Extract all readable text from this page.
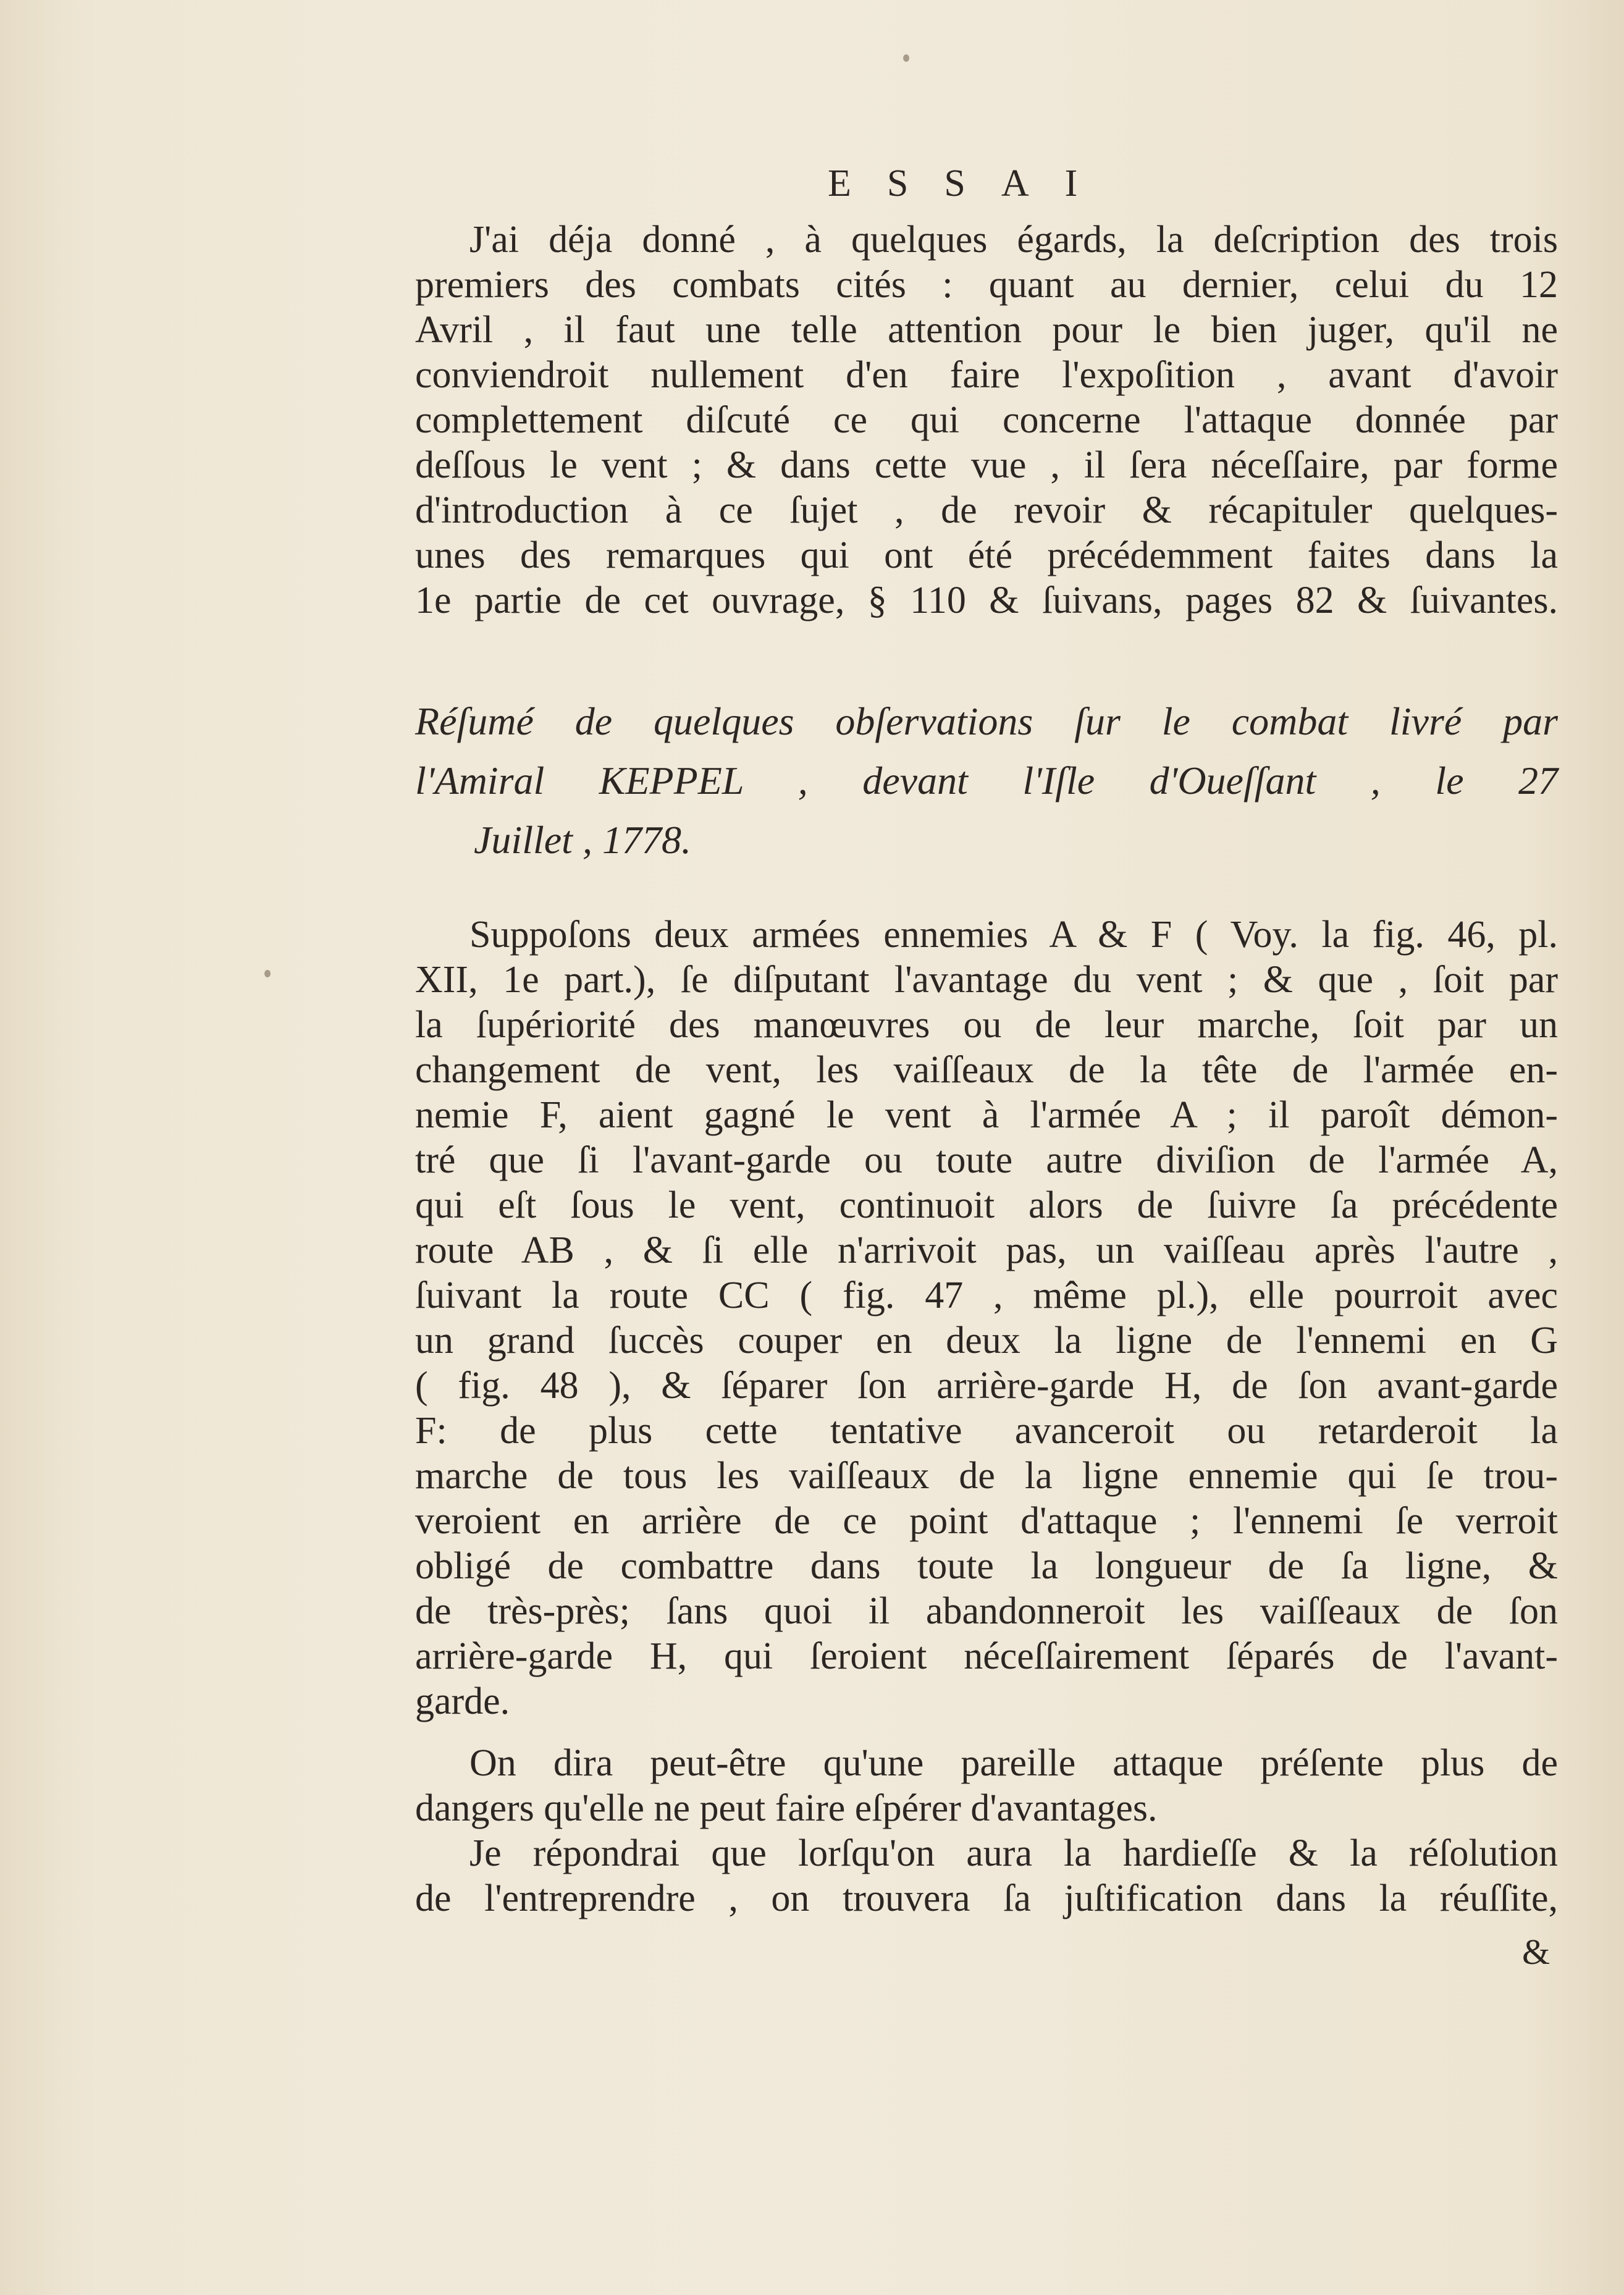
ESSAI
J'ai déja donné , à quelques égards, la deſcription des trois
premiers des combats cités : quant au dernier, celui du 12
Avril , il faut une telle attention pour le bien juger, qu'il ne
conviendroit nullement d'en faire l'expoſition , avant d'avoir
complettement diſcuté ce qui concerne l'attaque donnée par
deſſous le vent ; & dans cette vue , il ſera néceſſaire, par forme
d'introduction à ce ſujet , de revoir & récapituler quelques-
unes des remarques qui ont été précédemment faites dans la
1e partie de cet ouvrage, § 110 & ſuivans, pages 82 & ſuivantes.
Réſumé de quelques obſervations ſur le combat livré par
l'Amiral KEPPEL , devant l'Iſle d'Oueſſant , le 27
Juillet , 1778.
Suppoſons deux armées ennemies A & F ( Voy. la fig. 46, pl.
XII, 1e part.), ſe diſputant l'avantage du vent ; & que , ſoit par
la ſupériorité des manœuvres ou de leur marche, ſoit par un
changement de vent, les vaiſſeaux de la tête de l'armée en-
nemie F, aient gagné le vent à l'armée A ; il paroît démon-
tré que ſi l'avant-garde ou toute autre diviſion de l'armée A,
qui eſt ſous le vent, continuoit alors de ſuivre ſa précédente
route AB , & ſi elle n'arrivoit pas, un vaiſſeau après l'autre ,
ſuivant la route CC ( fig. 47 , même pl.), elle pourroit avec
un grand ſuccès couper en deux la ligne de l'ennemi en G
( fig. 48 ), & ſéparer ſon arrière-garde H, de ſon avant-garde
F: de plus cette tentative avanceroit ou retarderoit la
marche de tous les vaiſſeaux de la ligne ennemie qui ſe trou-
veroient en arrière de ce point d'attaque ; l'ennemi ſe verroit
obligé de combattre dans toute la longueur de ſa ligne, &
de très-près; ſans quoi il abandonneroit les vaiſſeaux de ſon
arrière-garde H, qui ſeroient néceſſairement ſéparés de l'avant-
garde.
On dira peut-être qu'une pareille attaque préſente plus de
dangers qu'elle ne peut faire eſpérer d'avantages.
Je répondrai que lorſqu'on aura la hardieſſe & la réſolution
de l'entreprendre , on trouvera ſa juſtification dans la réuſſite,
&
